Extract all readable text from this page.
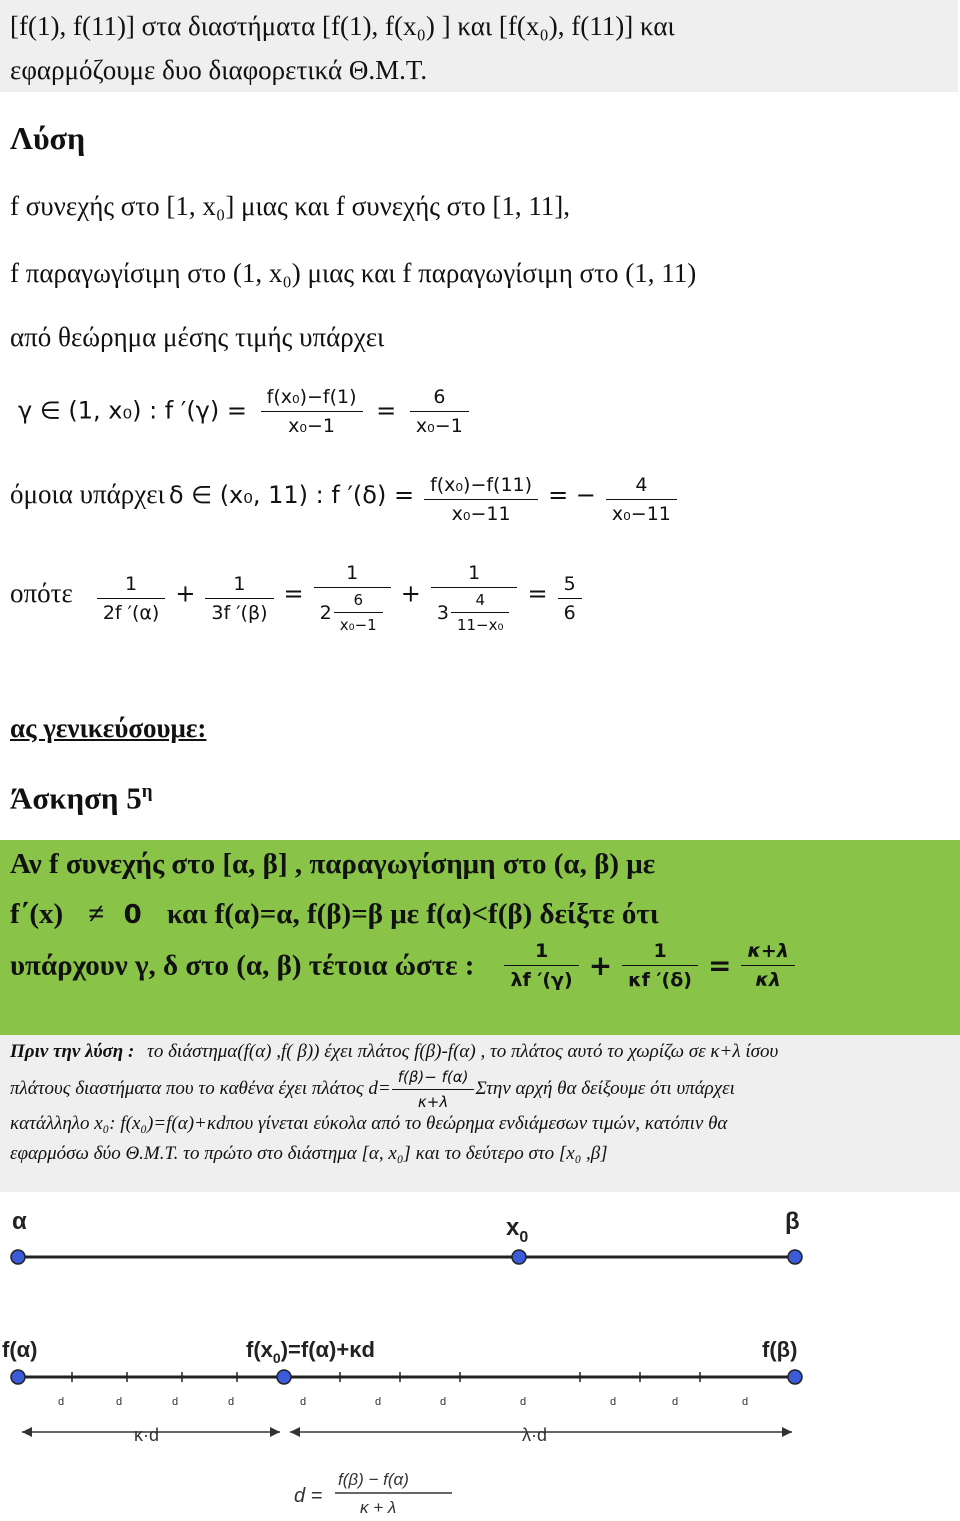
[f(1), f(11)] στα διαστήματα [f(1), f(x₀) ] και [f(x₀), f(11)] και
εφαρμόζουμε δυο διαφορετικά Θ.Μ.Τ.
Λύση
f συνεχής στο [1, x₀] μιας και f συνεχής στο [1, 11],
f παραγωγίσιμη στο (1, x₀) μιας και f παραγωγίσιμη στο (1, 11)
από θεώρημα μέσης τιμής υπάρχει
γ ∈ (1, x₀) : f $'(\gamma) = \frac{\text{f(x₀)−f(1)}}{\text{x₀−1}} = \frac{6}{\text{x₀−1}}$
όμοια υπάρχει δ ∈ (x₀, 11) : f $'(\delta) = \frac{\text{f(x₀)−f(11)}}{\text{x₀−11}}$ = − $\frac{4}{\text{x₀−11}}$
οπότε $\frac{1}{2f '(\alpha)} + \frac{1}{3f '(\beta)} = \frac{1}{2 \frac{6}{\text{x₀−1}}} + \frac{1}{3 \frac{4}{\text{11−x₀}}} = \frac{5}{6}$
ας γενικεύσουμε:
Άσκηση $5^\eta$
Αν f συνεχής στο [α, β] , παραγωγίσημη στο (α, β) με
f΄(x) ≠ 0 και f(α)=α, f(β)=β με f(α)<f(β) δείξτε ότι
υπάρχουν γ, δ στο (α, β) τέτοια ώστε : $\frac{1}{\lambda f '(\gamma)} + \frac{1}{\kappa f '(\delta)} = \frac{\kappa+\lambda}{\kappa\lambda}$
Πριν την λύση : το διάστημα(f(α) ,f( β)) έχει πλάτος f(β)-f(α) , το πλάτος αυτό το χωρίζω σε κ+λ ίσου
πλάτους διαστήματα που το καθένα έχει πλάτος $d= \frac{f(\beta)- f(\alpha)}{\kappa+\lambda}$ Στην αρχή θα δείξουμε ότι υπάρχει
κατάλληλο x₀: f(x₀)=f(α)+κdπου γίνεται εύκολα από το θεώρημα ενδιάμεσων τιμών, κατόπιν θα
εφαρμόσω δύο Θ.Μ.Τ. το πρώτο στο διάστημα [α, x₀] και το δεύτερο στο [x₀ ,β]
α	$x_0$
β
f(α)	$f(x_0)=f(\alpha)+\kappa d$	f(β)
d	d	d	d	d	d	d	d	d	d	d
κ·d	λ·d
d =
f(β) − f(α)
κ + λ
